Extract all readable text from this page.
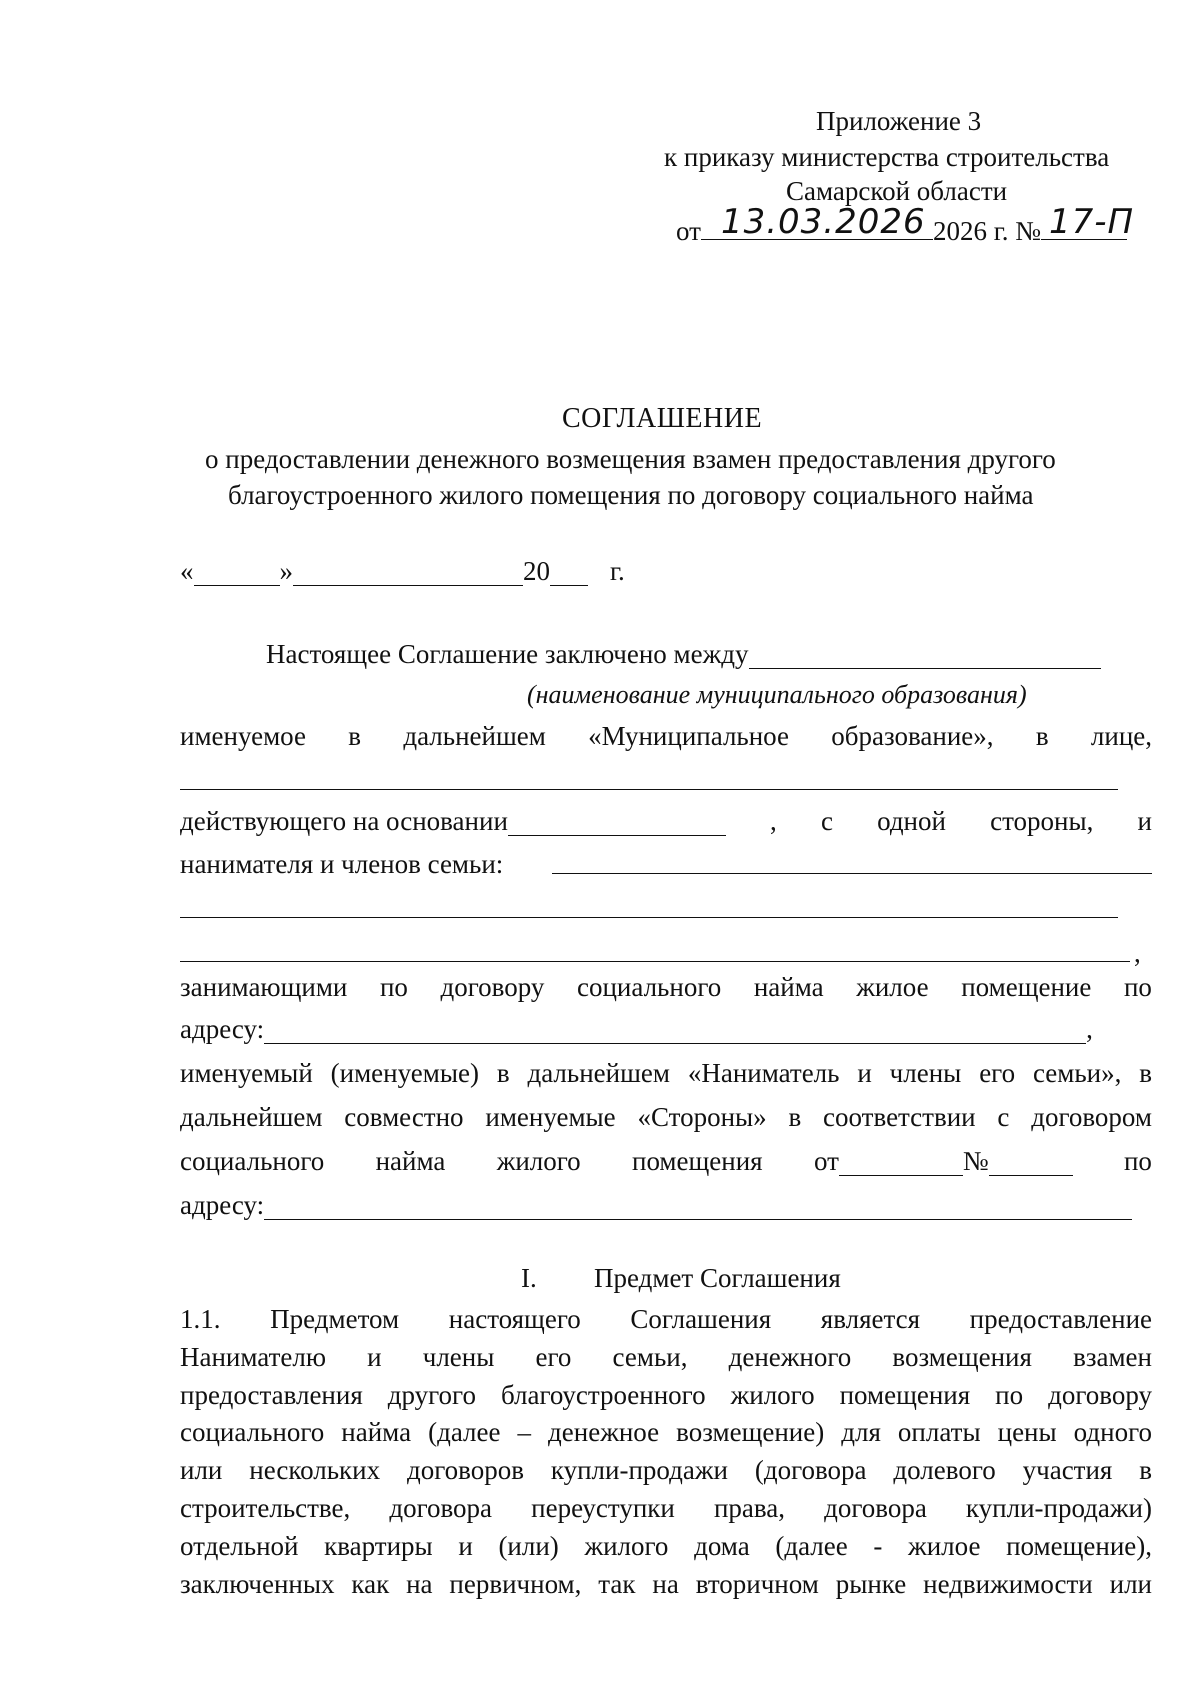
Приложение 3
к приказу министерства строительства
Самарской области
от 13.03.2026 2026 г. № 17-П
СОГЛАШЕНИЕ
о предоставлении денежного возмещения взамен предоставления другого
благоустроенного жилого помещения по договору социального найма
«	»	20 г.
Настоящее Соглашение заключено между
(наименование муниципального образования)
именуемое в дальнейшем «Муниципальное образование», в лице,
действующего на основании	, с одной стороны, и
нанимателя и членов семьи:
,
занимающими по договору социального найма жилое помещение по
адресу:	,
именуемый (именуемые) в дальнейшем «Наниматель и члены его семьи», в
дальнейшем совместно именуемые «Стороны» в соответствии с договором
социального найма жилого помещения от	№	по
адресу:
I. Предмет Соглашения
1.1. Предметом настоящего Соглашения является предоставление
Нанимателю и члены его семьи, денежного возмещения взамен
предоставления другого благоустроенного жилого помещения по договору
социального найма (далее – денежное возмещение) для оплаты цены одного
или нескольких договоров купли-продажи (договора долевого участия в
строительстве, договора переуступки права, договора купли-продажи)
отдельной квартиры и (или) жилого дома (далее - жилое помещение),
заключенных как на первичном, так на вторичном рынке недвижимости или
